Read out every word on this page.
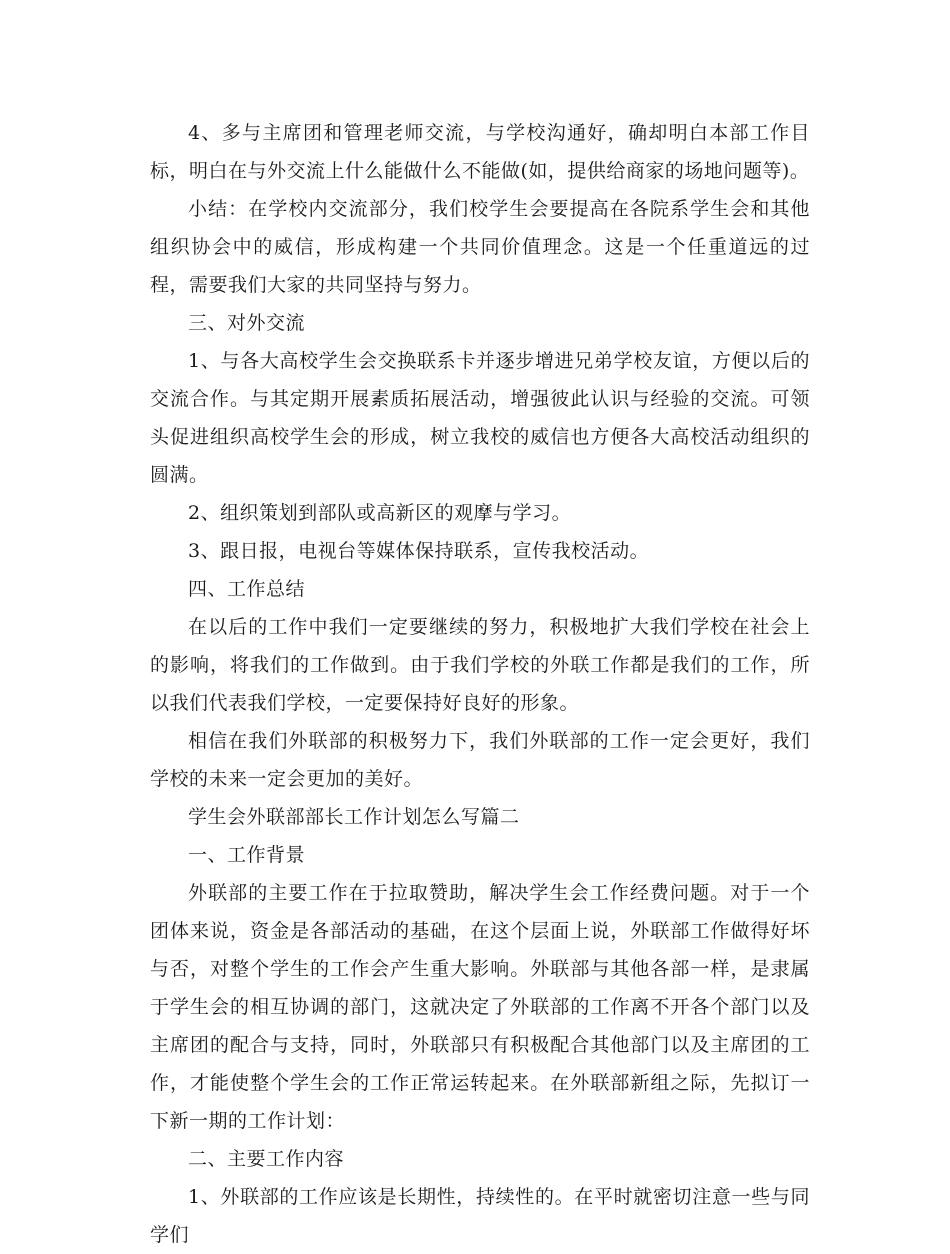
4、多与主席团和管理老师交流，与学校沟通好，确却明白本部工作目标，明白在与外交流上什么能做什么不能做(如，提供给商家的场地问题等)。

小结：在学校内交流部分，我们校学生会要提高在各院系学生会和其他组织协会中的威信，形成构建一个共同价值理念。这是一个任重道远的过程，需要我们大家的共同坚持与努力。

三、对外交流

1、与各大高校学生会交换联系卡并逐步增进兄弟学校友谊，方便以后的交流合作。与其定期开展素质拓展活动，增强彼此认识与经验的交流。可领头促进组织高校学生会的形成，树立我校的威信也方便各大高校活动组织的圆满。

2、组织策划到部队或高新区的观摩与学习。

3、跟日报，电视台等媒体保持联系，宣传我校活动。

四、工作总结

在以后的工作中我们一定要继续的努力，积极地扩大我们学校在社会上的影响，将我们的工作做到。由于我们学校的外联工作都是我们的工作，所以我们代表我们学校，一定要保持好良好的形象。

相信在我们外联部的积极努力下，我们外联部的工作一定会更好，我们学校的未来一定会更加的美好。

学生会外联部部长工作计划怎么写篇二

一、工作背景

外联部的主要工作在于拉取赞助，解决学生会工作经费问题。对于一个团体来说，资金是各部活动的基础，在这个层面上说，外联部工作做得好坏与否，对整个学生的工作会产生重大影响。外联部与其他各部一样，是隶属于学生会的相互协调的部门，这就决定了外联部的工作离不开各个部门以及主席团的配合与支持，同时，外联部只有积极配合其他部门以及主席团的工作，才能使整个学生会的工作正常运转起来。在外联部新组之际，先拟订一下新一期的工作计划：

二、主要工作内容

1、外联部的工作应该是长期性，持续性的。在平时就密切注意一些与同学们
